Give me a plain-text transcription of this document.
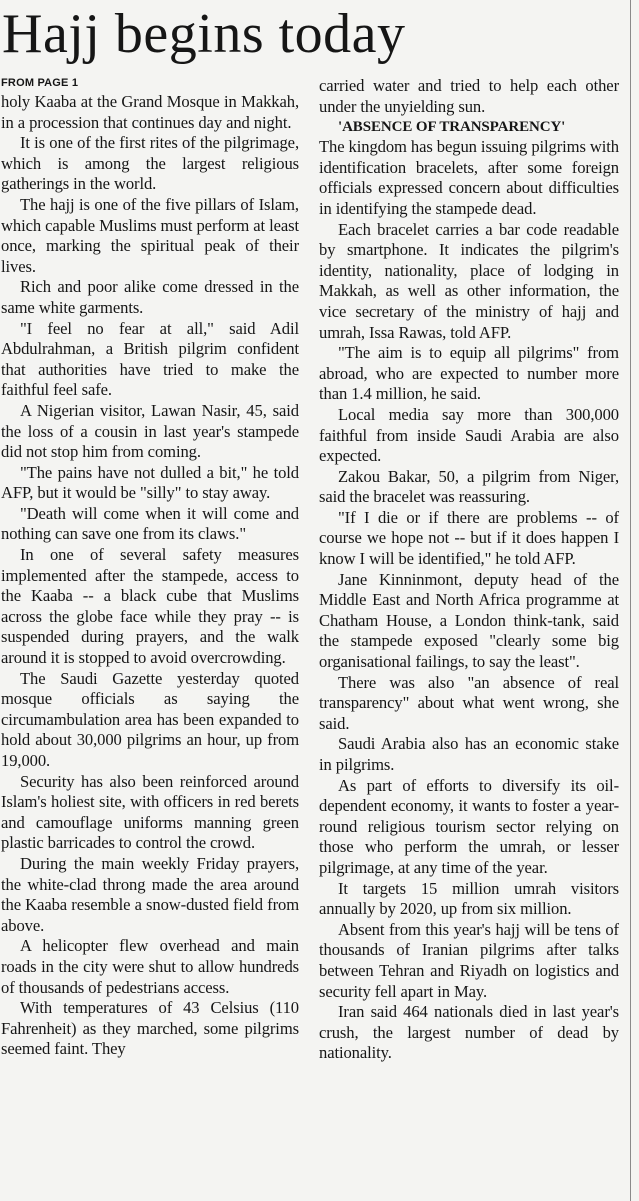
Hajj begins today
FROM PAGE 1

holy Kaaba at the Grand Mosque in Makkah, in a procession that continues day and night.

It is one of the first rites of the pilgrimage, which is among the largest religious gatherings in the world.

The hajj is one of the five pillars of Islam, which capable Muslims must perform at least once, marking the spiritual peak of their lives.

Rich and poor alike come dressed in the same white garments.

"I feel no fear at all," said Adil Abdulrahman, a British pilgrim confident that authorities have tried to make the faithful feel safe.

A Nigerian visitor, Lawan Nasir, 45, said the loss of a cousin in last year's stampede did not stop him from coming.

"The pains have not dulled a bit," he told AFP, but it would be "silly" to stay away.

"Death will come when it will come and nothing can save one from its claws."

In one of several safety measures implemented after the stampede, access to the Kaaba -- a black cube that Muslims across the globe face while they pray -- is suspended during prayers, and the walk around it is stopped to avoid overcrowding.

The Saudi Gazette yesterday quoted mosque officials as saying the circumambulation area has been expanded to hold about 30,000 pilgrims an hour, up from 19,000.

Security has also been reinforced around Islam's holiest site, with officers in red berets and camouflage uniforms manning green plastic barricades to control the crowd.

During the main weekly Friday prayers, the white-clad throng made the area around the Kaaba resemble a snow-dusted field from above.

A helicopter flew overhead and main roads in the city were shut to allow hundreds of thousands of pedestrians access.

With temperatures of 43 Celsius (110 Fahrenheit) as they marched, some pilgrims seemed faint. They

carried water and tried to help each other under the unyielding sun.

'ABSENCE OF TRANSPARENCY'

The kingdom has begun issuing pilgrims with identification bracelets, after some foreign officials expressed concern about difficulties in identifying the stampede dead.

Each bracelet carries a bar code readable by smartphone. It indicates the pilgrim's identity, nationality, place of lodging in Makkah, as well as other information, the vice secretary of the ministry of hajj and umrah, Issa Rawas, told AFP.

"The aim is to equip all pilgrims" from abroad, who are expected to number more than 1.4 million, he said.

Local media say more than 300,000 faithful from inside Saudi Arabia are also expected.

Zakou Bakar, 50, a pilgrim from Niger, said the bracelet was reassuring.

"If I die or if there are problems -- of course we hope not -- but if it does happen I know I will be identified," he told AFP.

Jane Kinninmont, deputy head of the Middle East and North Africa programme at Chatham House, a London think-tank, said the stampede exposed "clearly some big organisational failings, to say the least".

There was also "an absence of real transparency" about what went wrong, she said.

Saudi Arabia also has an economic stake in pilgrims.

As part of efforts to diversify its oil-dependent economy, it wants to foster a year-round religious tourism sector relying on those who perform the umrah, or lesser pilgrimage, at any time of the year.

It targets 15 million umrah visitors annually by 2020, up from six million.

Absent from this year's hajj will be tens of thousands of Iranian pilgrims after talks between Tehran and Riyadh on logistics and security fell apart in May.

Iran said 464 nationals died in last year's crush, the largest number of dead by nationality.
